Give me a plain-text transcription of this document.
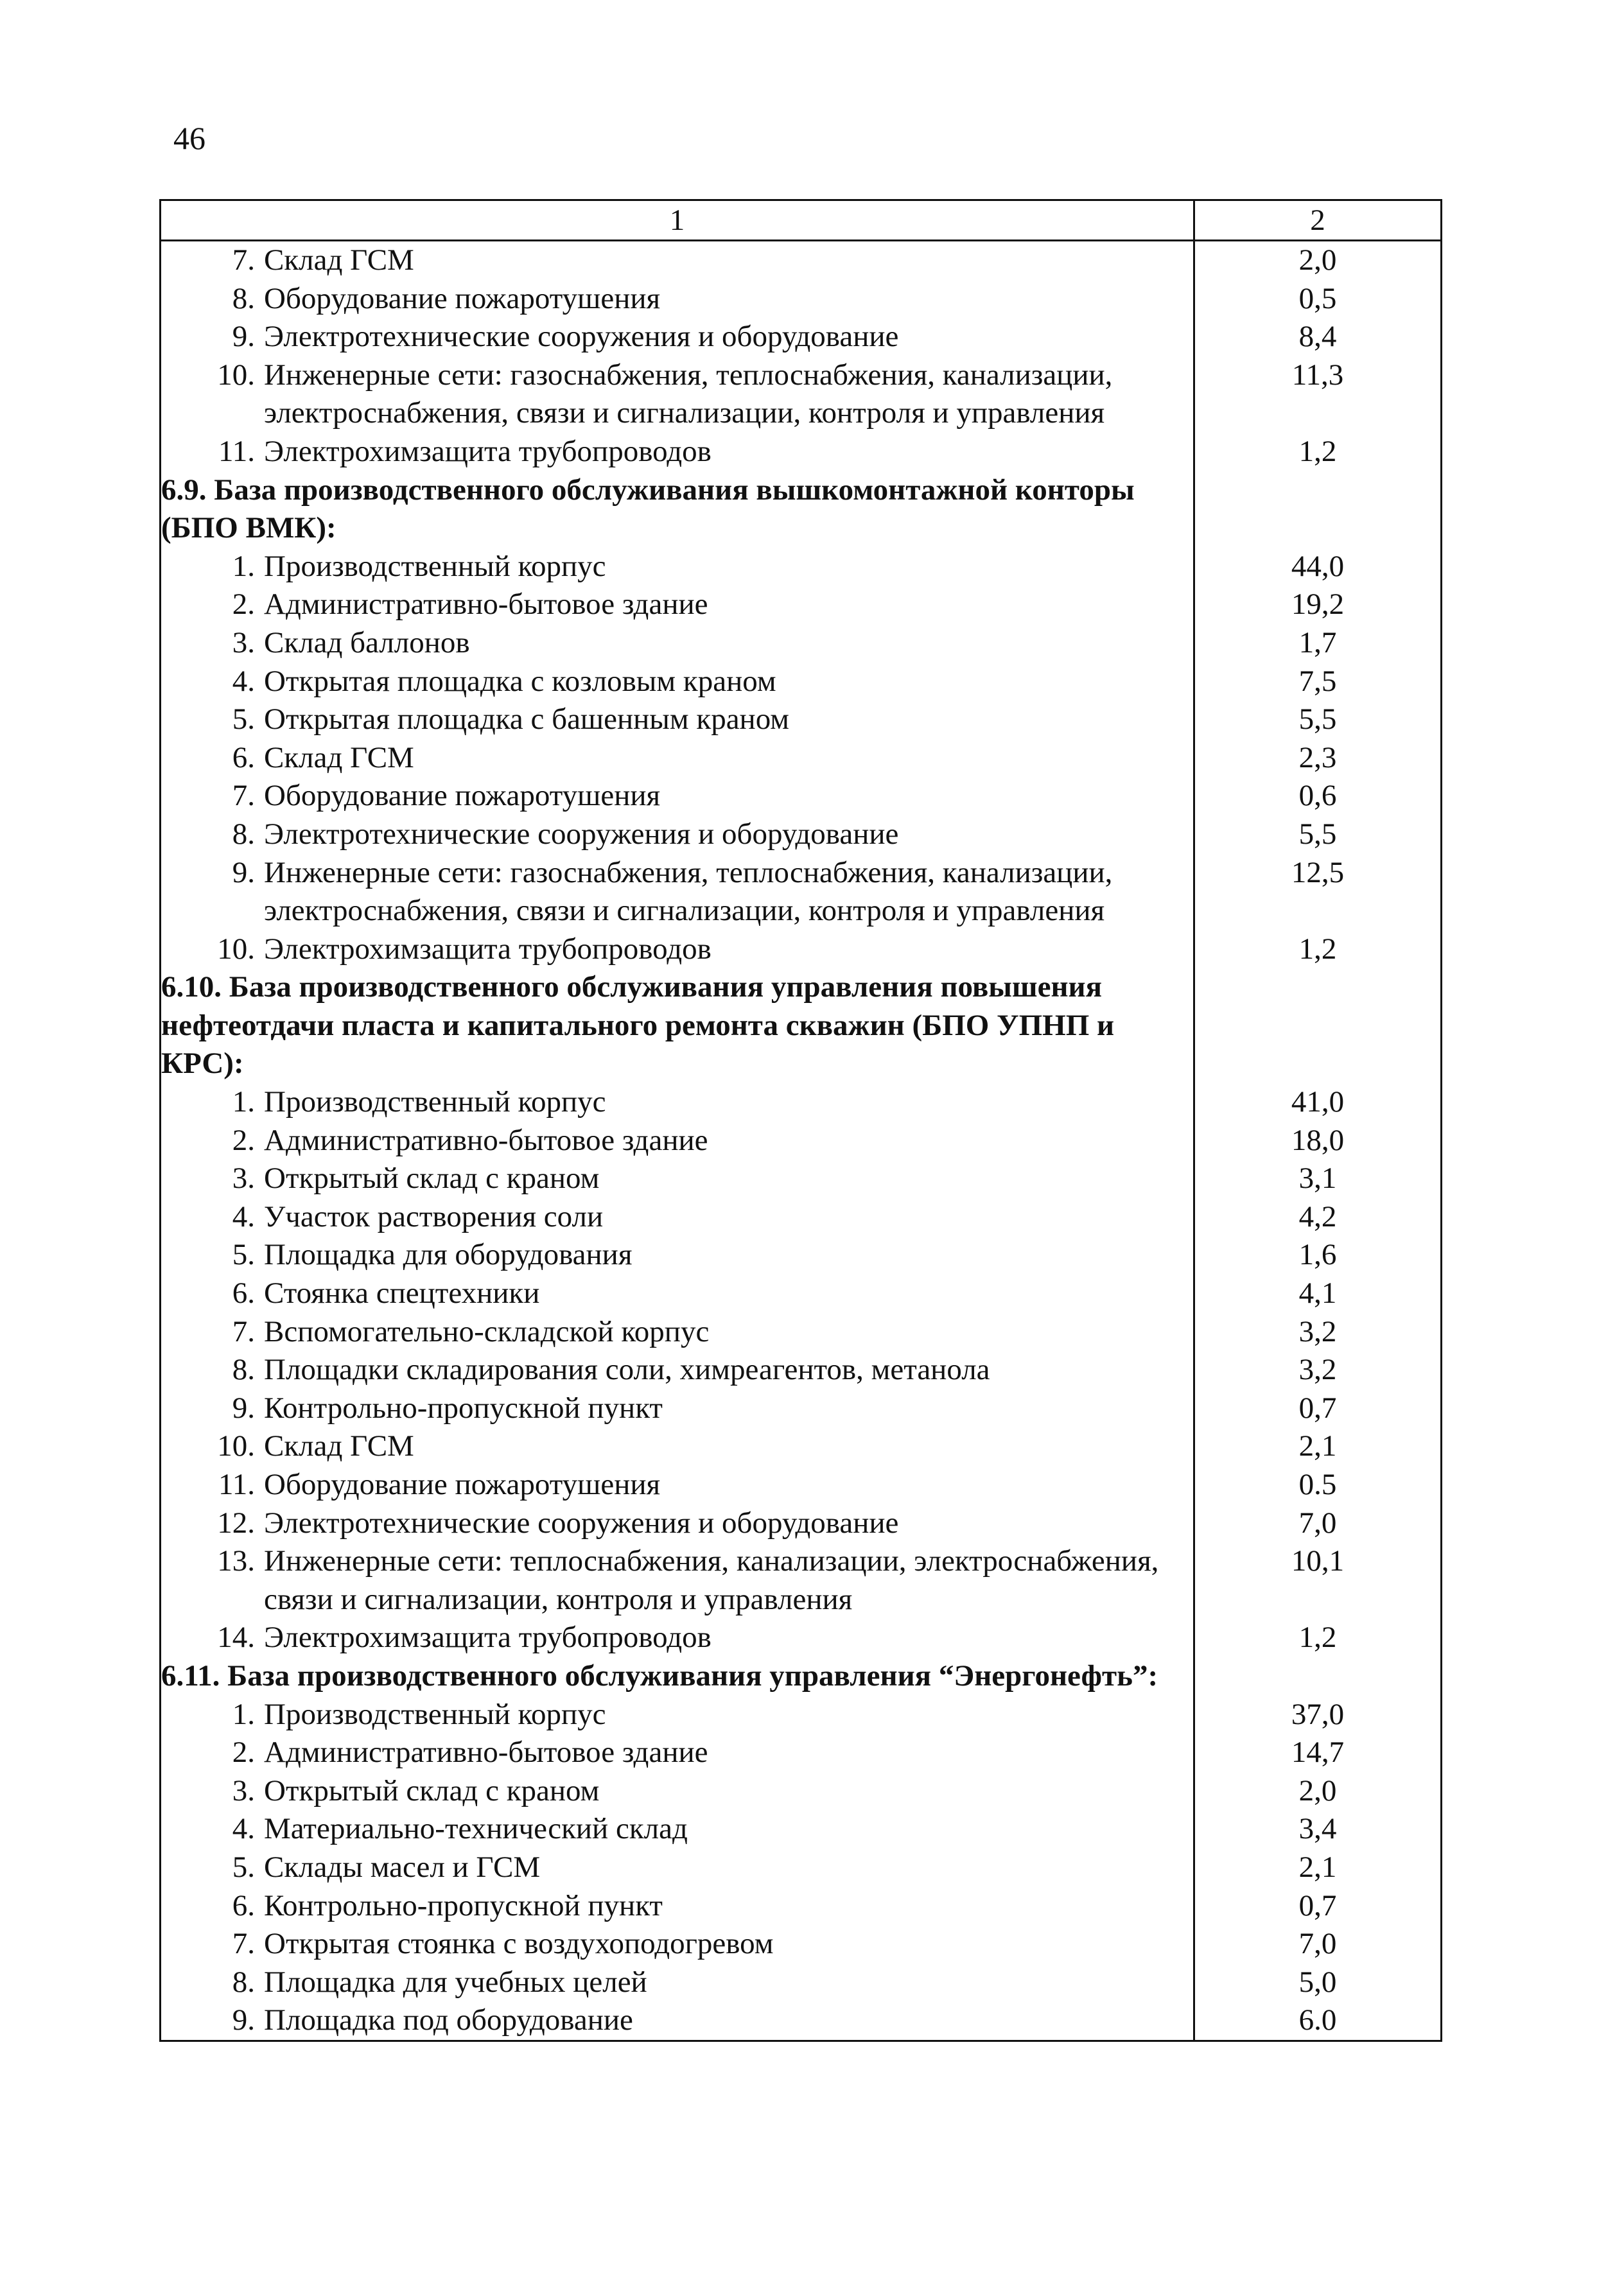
46
1	2

7. Склад ГСМ	2,0

8. Оборудование пожаротушения	0,5

9. Электротехнические сооружения и оборудование	8,4

10. Инженерные сети: газоснабжения, теплоснабжения, канализации, электроснабжения, связи и сигнализации, контроля и управления	11,3

11. Электрохимзащита трубопроводов	1,2
6.9. База производственного обслуживания вышкомонтажной конторы (БПО ВМК):	

1. Производственный корпус	44,0

2. Административно-бытовое здание	19,2

3. Склад баллонов	1,7

4. Открытая площадка с козловым краном	7,5

5. Открытая площадка с башенным краном	5,5

6. Склад ГСМ	2,3

7. Оборудование пожаротушения	0,6

8. Электротехнические сооружения и оборудование	5,5

9. Инженерные сети: газоснабжения, теплоснабжения, канализации, электроснабжения, связи и сигнализации, контроля и управления	12,5

10. Электрохимзащита трубопроводов	1,2
6.10. База производственного обслуживания управления повышения нефтеотдачи пласта и капитального ремонта скважин (БПО УПНП и КРС):	

1. Производственный корпус	41,0

2. Административно-бытовое здание	18,0

3. Открытый склад с краном	3,1

4. Участок растворения соли	4,2

5. Площадка для оборудования	1,6

6. Стоянка спецтехники	4,1

7. Вспомогательно-складской корпус	3,2

8. Площадки складирования соли, химреагентов, метанола	3,2

9. Контрольно-пропускной пункт	0,7

10. Склад ГСМ	2,1

11. Оборудование пожаротушения	0.5

12. Электротехнические сооружения и оборудование	7,0

13. Инженерные сети: теплоснабжения, канализации, электроснабжения, связи и сигнализации, контроля и управления	10,1

14. Электрохимзащита трубопроводов	1,2
6.11. База производственного обслуживания управления “Энергонефть”:	

1. Производственный корпус	37,0

2. Административно-бытовое здание	14,7

3. Открытый склад с краном	2,0

4. Материально-технический склад	3,4

5. Склады масел и ГСМ	2,1

6. Контрольно-пропускной пункт	0,7

7. Открытая стоянка с воздухоподогревом	7,0

8. Площадка для учебных целей	5,0

9. Площадка под оборудование	6.0
